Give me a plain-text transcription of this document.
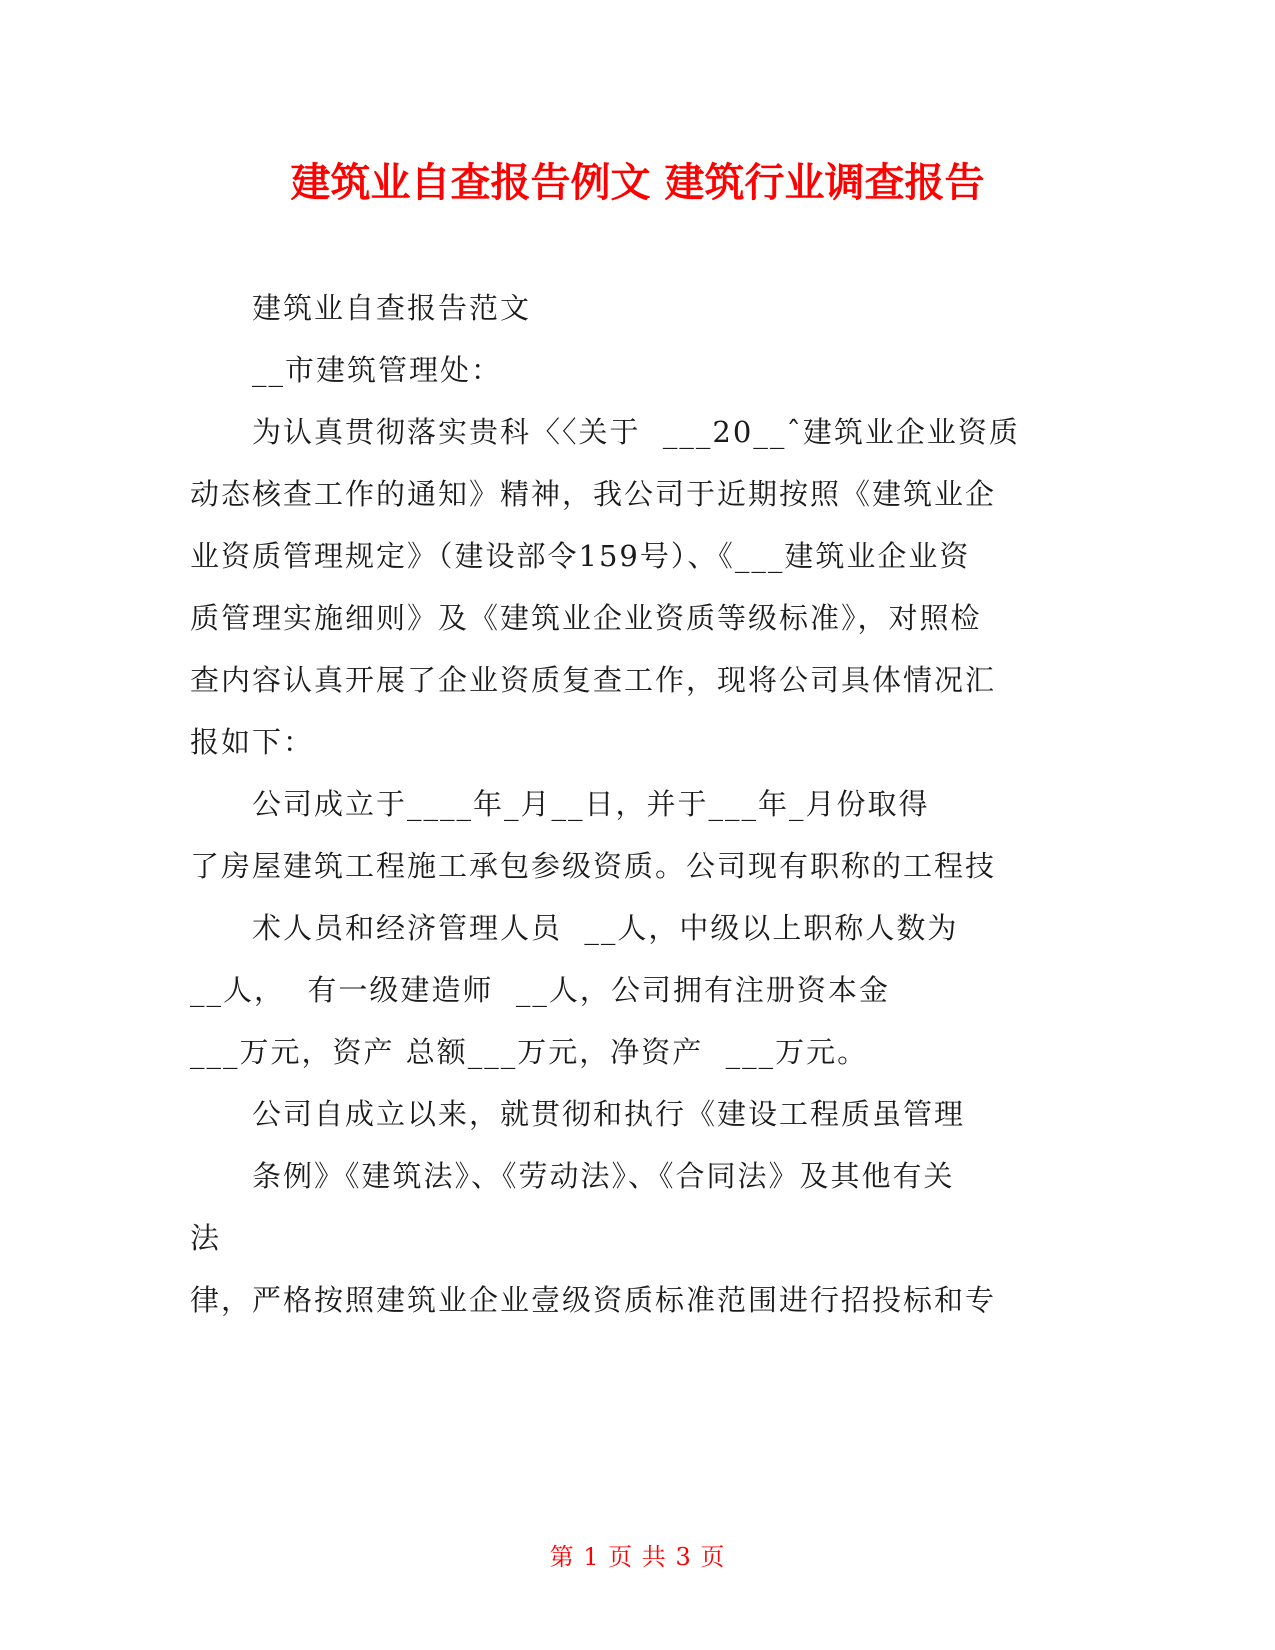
建筑业自查报告例文 建筑行业调查报告
建筑业自查报告范文
__市建筑管理处：
为认真贯彻落实贵科〈〈关于  ___20__ˆ建筑业企业资质
动态核查工作的通知》精神，我公司于近期按照《建筑业企
业资质管理规定》（建设部令159号）、《___建筑业企业资
质管理实施细则》及《建筑业企业资质等级标准》，对照检
查内容认真开展了企业资质复查工作，现将公司具体情况汇
报如下：
公司成立于____年_月__日，并于___年_月份取得
了房屋建筑工程施工承包参级资质。公司现有职称的工程技
术人员和经济管理人员  __人，中级以上职称人数为
__人，  有一级建造师  __人，公司拥有注册资本金
___万元，资产 总额___万元，净资产  ___万元。
公司自成立以来，就贯彻和执行《建设工程质虽管理
条例》《建筑法》、《劳动法》、《合同法》及其他有关
法
律，严格按照建筑业企业壹级资质标准范围进行招投标和专
第 1 页 共 3 页
